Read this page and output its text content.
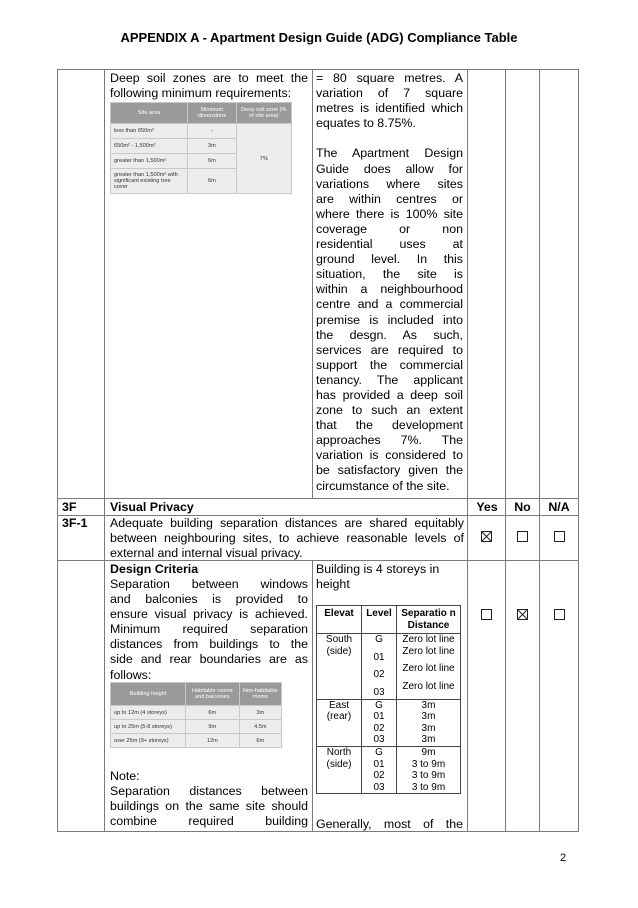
APPENDIX A - Apartment Design Guide (ADG) Compliance Table
Deep soil zones are to meet the
following minimum requirements:
Site area	Minimum dimensions	Deep soil zone (% of site area)
less than 650m²	-	7%
650m² - 1,500m²	3m	
greater than 1,500m²	6m	
greater than 1,500m² with significant existing tree cover	6m	
= 80 square metres. A
variation of 7 square
metres is identified which
equates to 8.75%.
The Apartment Design
Guide does allow for
variations where sites
are within centres or
where there is 100% site
coverage or non
residential uses at
ground level. In this
situation, the site is
within a neighbourhood
centre and a commercial
premise is included into
the desgn. As such,
services are required to
support the commercial
tenancy. The applicant
has provided a deep soil
zone to such an extent
that the development
approaches 7%. The
variation is considered to
be satisfactory given the
circumstance of the site.
3F	Visual Privacy	Yes	No	N/A
3F-1 Adequate building separation distances are shared equitably
between neighbouring sites, to achieve reasonable levels of
external and internal visual privacy.
Design Criteria
Separation between windows
and balconies is provided to
ensure visual privacy is achieved.
Minimum required separation
distances from buildings to the
side and rear boundaries are as
follows:
Building height	Habitable rooms and balconies	Non-habitable rooms
up to 12m (4 storeys)	6m	3m
up to 25m (5-8 storeys)	9m	4.5m
over 25m (9+ storeys)	12m	6m
Note:
Separation distances between
buildings on the same site should
combine required building
Building is 4 storeys in
height
Elevat	Level	Separatio n Distance
South (side)	G	Zero lot line
	01	Zero lot line
	02	Zero lot line
	03	Zero lot line
East (rear)	G	3m
	01	3m
	02	3m
	03	3m
North (side)	G	9m
	01	3 to 9m
	02	3 to 9m
	03	3 to 9m
Generally, most of the
2
